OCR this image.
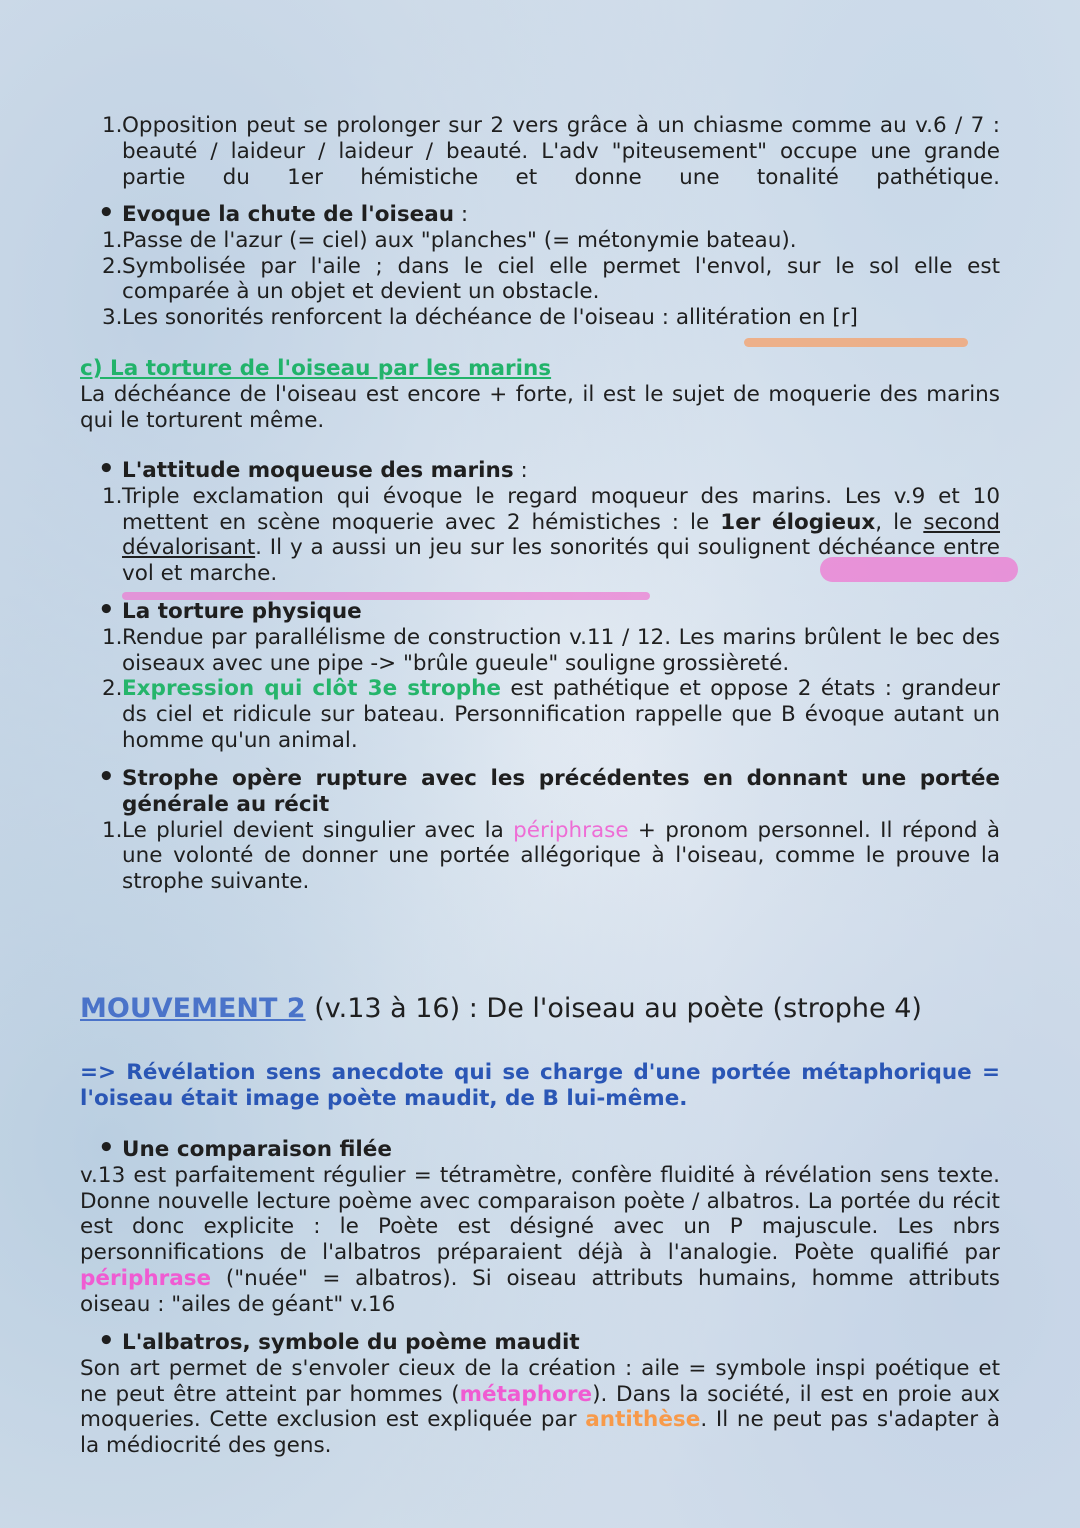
1. Opposition peut se prolonger sur 2 vers grâce à un chiasme comme au v.6 / 7 : beauté / laideur / laideur / beauté. L'adv "piteusement" occupe une grande partie du 1er hémistiche et donne une tonalité pathétique.
• Evoque la chute de l'oiseau :
1. Passe de l'azur (= ciel) aux "planches" (= métonymie bateau).
2. Symbolisée par l'aile ; dans le ciel elle permet l'envol, sur le sol elle est comparée à un objet et devient un obstacle.
3. Les sonorités renforcent la déchéance de l'oiseau : allitération en [r]
c) La torture de l'oiseau par les marins
La déchéance de l'oiseau est encore + forte, il est le sujet de moquerie des marins qui le torturent même.
• L'attitude moqueuse des marins :
1. Triple exclamation qui évoque le regard moqueur des marins. Les v.9 et 10 mettent en scène moquerie avec 2 hémistiches : le 1er élogieux, le second dévalorisant. Il y a aussi un jeu sur les sonorités qui soulignent déchéance entre vol et marche.
• La torture physique
1. Rendue par parallélisme de construction v.11 / 12. Les marins brûlent le bec des oiseaux avec une pipe -> "brûle gueule" souligne grossièreté.
2. Expression qui clôt 3e strophe est pathétique et oppose 2 états : grandeur ds ciel et ridicule sur bateau. Personnification rappelle que B évoque autant un homme qu'un animal.
• Strophe opère rupture avec les précédentes en donnant une portée générale au récit
1. Le pluriel devient singulier avec la périphrase + pronom personnel. Il répond à une volonté de donner une portée allégorique à l'oiseau, comme le prouve la strophe suivante.
MOUVEMENT 2 (v.13 à 16) : De l'oiseau au poète (strophe 4)
=> Révélation sens anecdote qui se charge d'une portée métaphorique = l'oiseau était image poète maudit, de B lui-même.
• Une comparaison filée
v.13 est parfaitement régulier = tétramètre, confère fluidité à révélation sens texte. Donne nouvelle lecture poème avec comparaison poète / albatros. La portée du récit est donc explicite : le Poète est désigné avec un P majuscule. Les nbrs personnifications de l'albatros préparaient déjà à l'analogie. Poète qualifié par périphrase ("nuée" = albatros). Si oiseau attributs humains, homme attributs oiseau : "ailes de géant" v.16
• L'albatros, symbole du poème maudit
Son art permet de s'envoler cieux de la création : aile = symbole inspi poétique et ne peut être atteint par hommes (métaphore). Dans la société, il est en proie aux moqueries. Cette exclusion est expliquée par antithèse. Il ne peut pas s'adapter à la médiocrité des gens.
